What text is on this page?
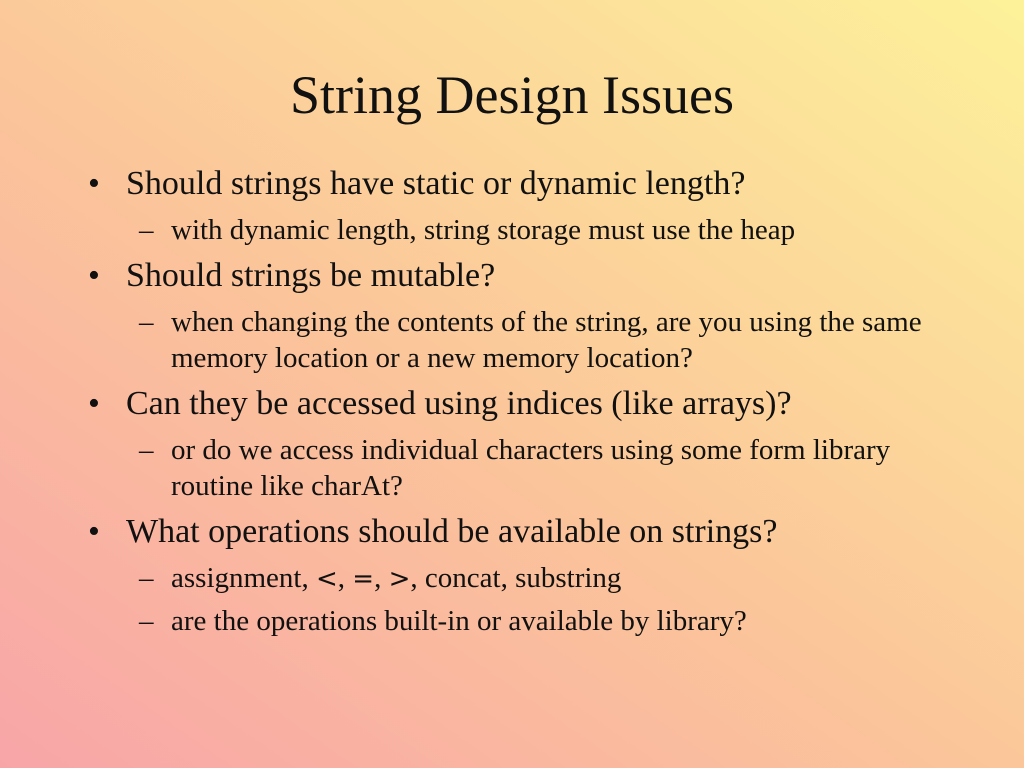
String Design Issues
• Should strings have static or dynamic length?
– with dynamic length, string storage must use the heap
• Should strings be mutable?
– when changing the contents of the string, are you using the same memory location or a new memory location?
• Can they be accessed using indices (like arrays)?
– or do we access individual characters using some form library routine like charAt?
• What operations should be available on strings?
– assignment, <, =, >, concat, substring
– are the operations built-in or available by library?
